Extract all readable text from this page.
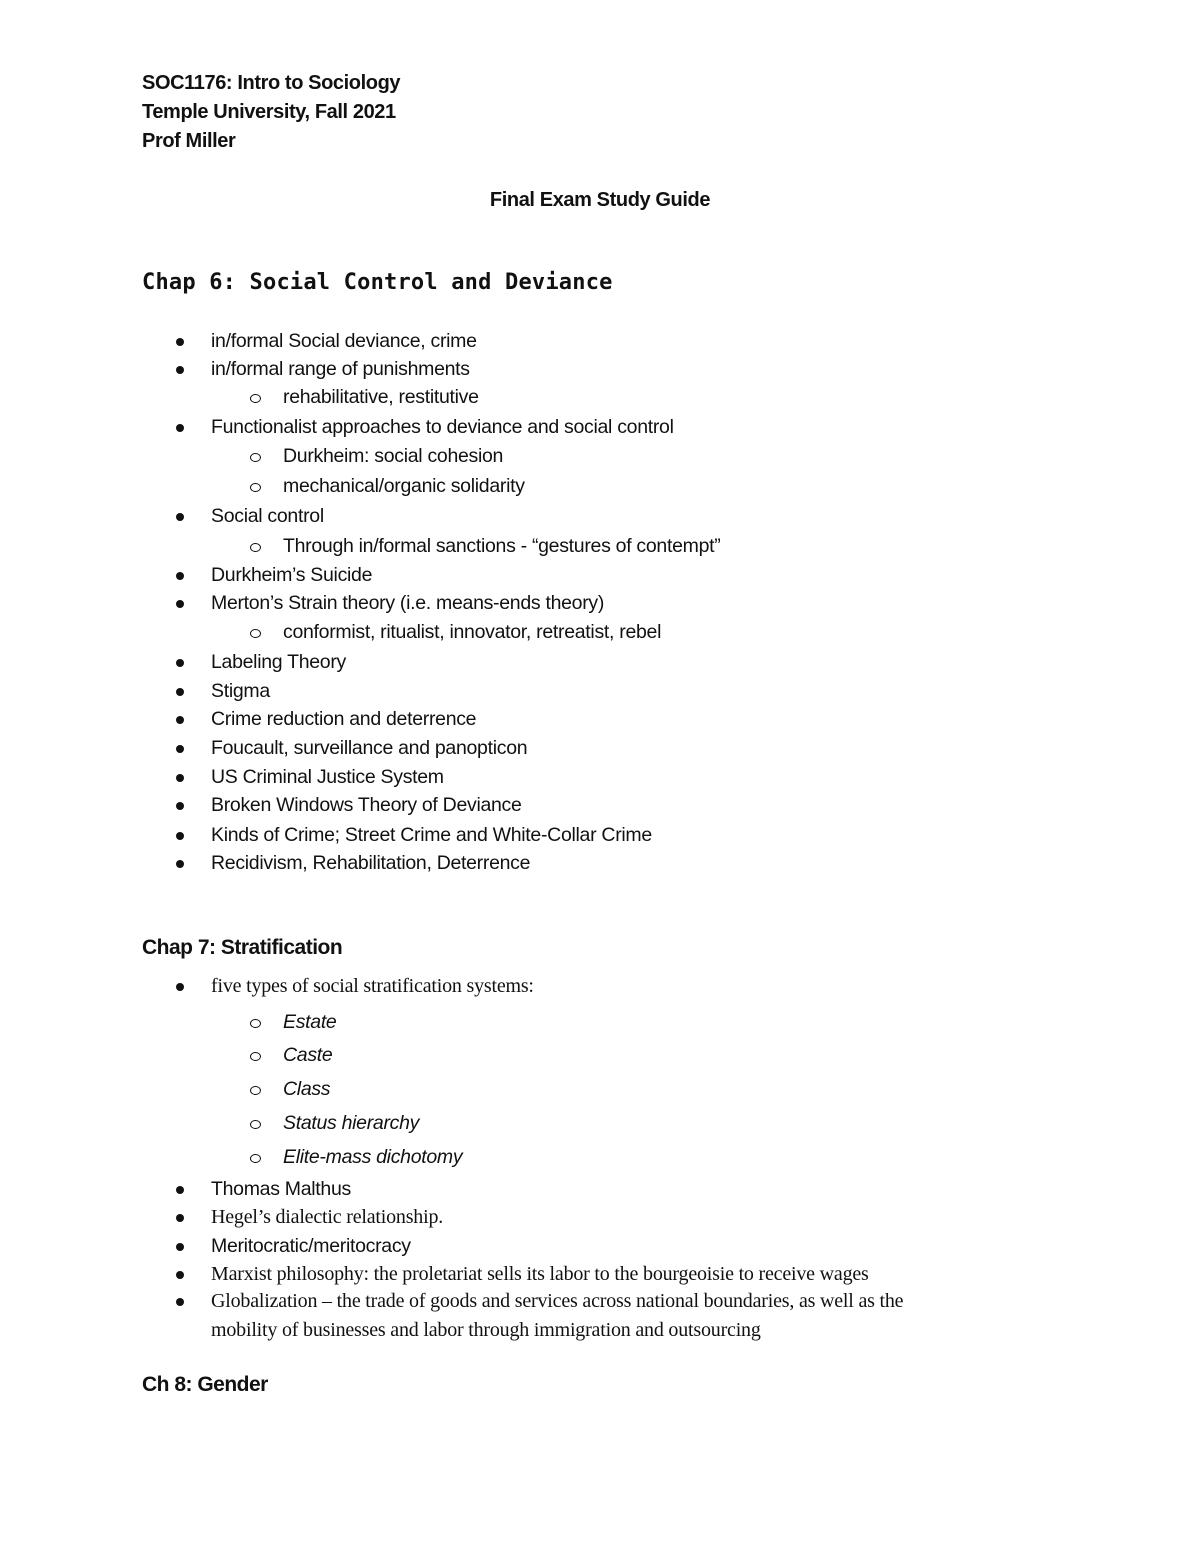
SOC1176: Intro to Sociology
Temple University, Fall 2021
Prof Miller
Final Exam Study Guide
Chap 6: Social Control and Deviance
in/formal Social deviance, crime
in/formal range of punishments
rehabilitative, restitutive
Functionalist approaches to deviance and social control
Durkheim: social cohesion
mechanical/organic solidarity
Social control
Through in/formal sanctions - “gestures of contempt”
Durkheim’s Suicide
Merton’s Strain theory (i.e. means-ends theory)
conformist, ritualist, innovator, retreatist, rebel
Labeling Theory
Stigma
Crime reduction and deterrence
Foucault, surveillance and panopticon
US Criminal Justice System
Broken Windows Theory of Deviance
Kinds of Crime; Street Crime and White-Collar Crime
Recidivism, Rehabilitation, Deterrence
Chap 7: Stratification
five types of social stratification systems:
Estate
Caste
Class
Status hierarchy
Elite-mass dichotomy
Thomas Malthus
Hegel’s dialectic relationship.
Meritocratic/meritocracy
Marxist philosophy: the proletariat sells its labor to the bourgeoisie to receive wages
Globalization – the trade of goods and services across national boundaries, as well as the
mobility of businesses and labor through immigration and outsourcing
Ch 8: Gender
